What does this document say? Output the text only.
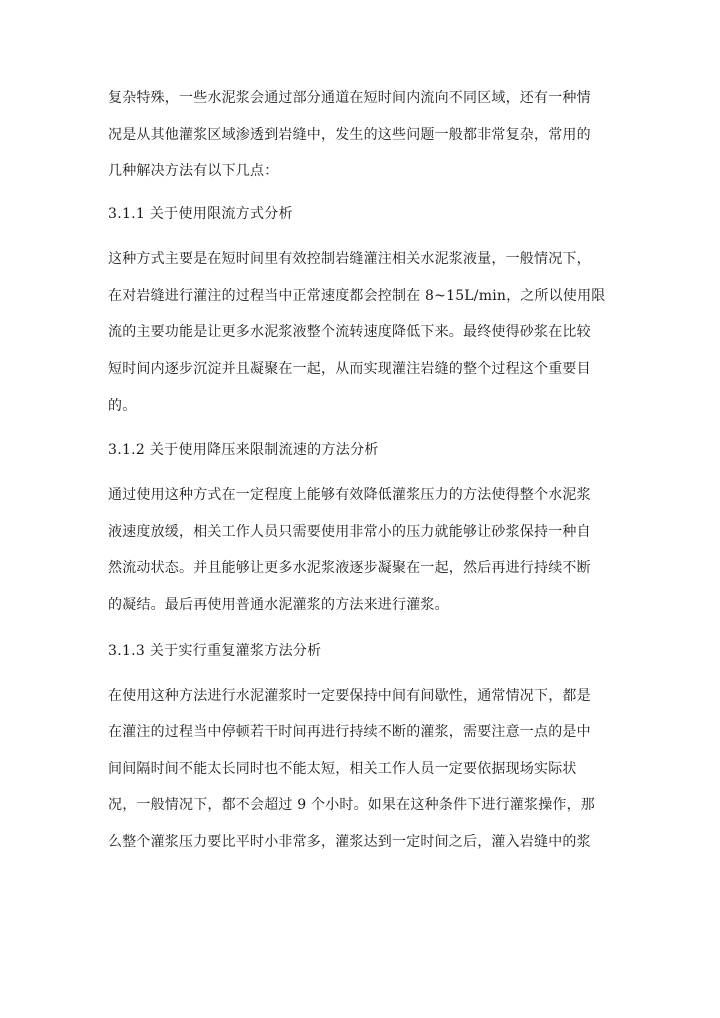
复杂特殊，一些水泥浆会通过部分通道在短时间内流向不同区域，还有一种情
况是从其他灌浆区域渗透到岩缝中，发生的这些问题一般都非常复杂，常用的
几种解决方法有以下几点：
3.1.1 关于使用限流方式分析
这种方式主要是在短时间里有效控制岩缝灌注相关水泥浆液量，一般情况下，
在对岩缝进行灌注的过程当中正常速度都会控制在 8~15L/min，之所以使用限
流的主要功能是让更多水泥浆液整个流转速度降低下来。最终使得砂浆在比较
短时间内逐步沉淀并且凝聚在一起，从而实现灌注岩缝的整个过程这个重要目
的。
3.1.2 关于使用降压来限制流速的方法分析
通过使用这种方式在一定程度上能够有效降低灌浆压力的方法使得整个水泥浆
液速度放缓，相关工作人员只需要使用非常小的压力就能够让砂浆保持一种自
然流动状态。并且能够让更多水泥浆液逐步凝聚在一起，然后再进行持续不断
的凝结。最后再使用普通水泥灌浆的方法来进行灌浆。
3.1.3 关于实行重复灌浆方法分析
在使用这种方法进行水泥灌浆时一定要保持中间有间歇性，通常情况下，都是
在灌注的过程当中停顿若干时间再进行持续不断的灌浆，需要注意一点的是中
间间隔时间不能太长同时也不能太短，相关工作人员一定要依据现场实际状
况，一般情况下，都不会超过 9 个小时。如果在这种条件下进行灌浆操作，那
么整个灌浆压力要比平时小非常多，灌浆达到一定时间之后，灌入岩缝中的浆
